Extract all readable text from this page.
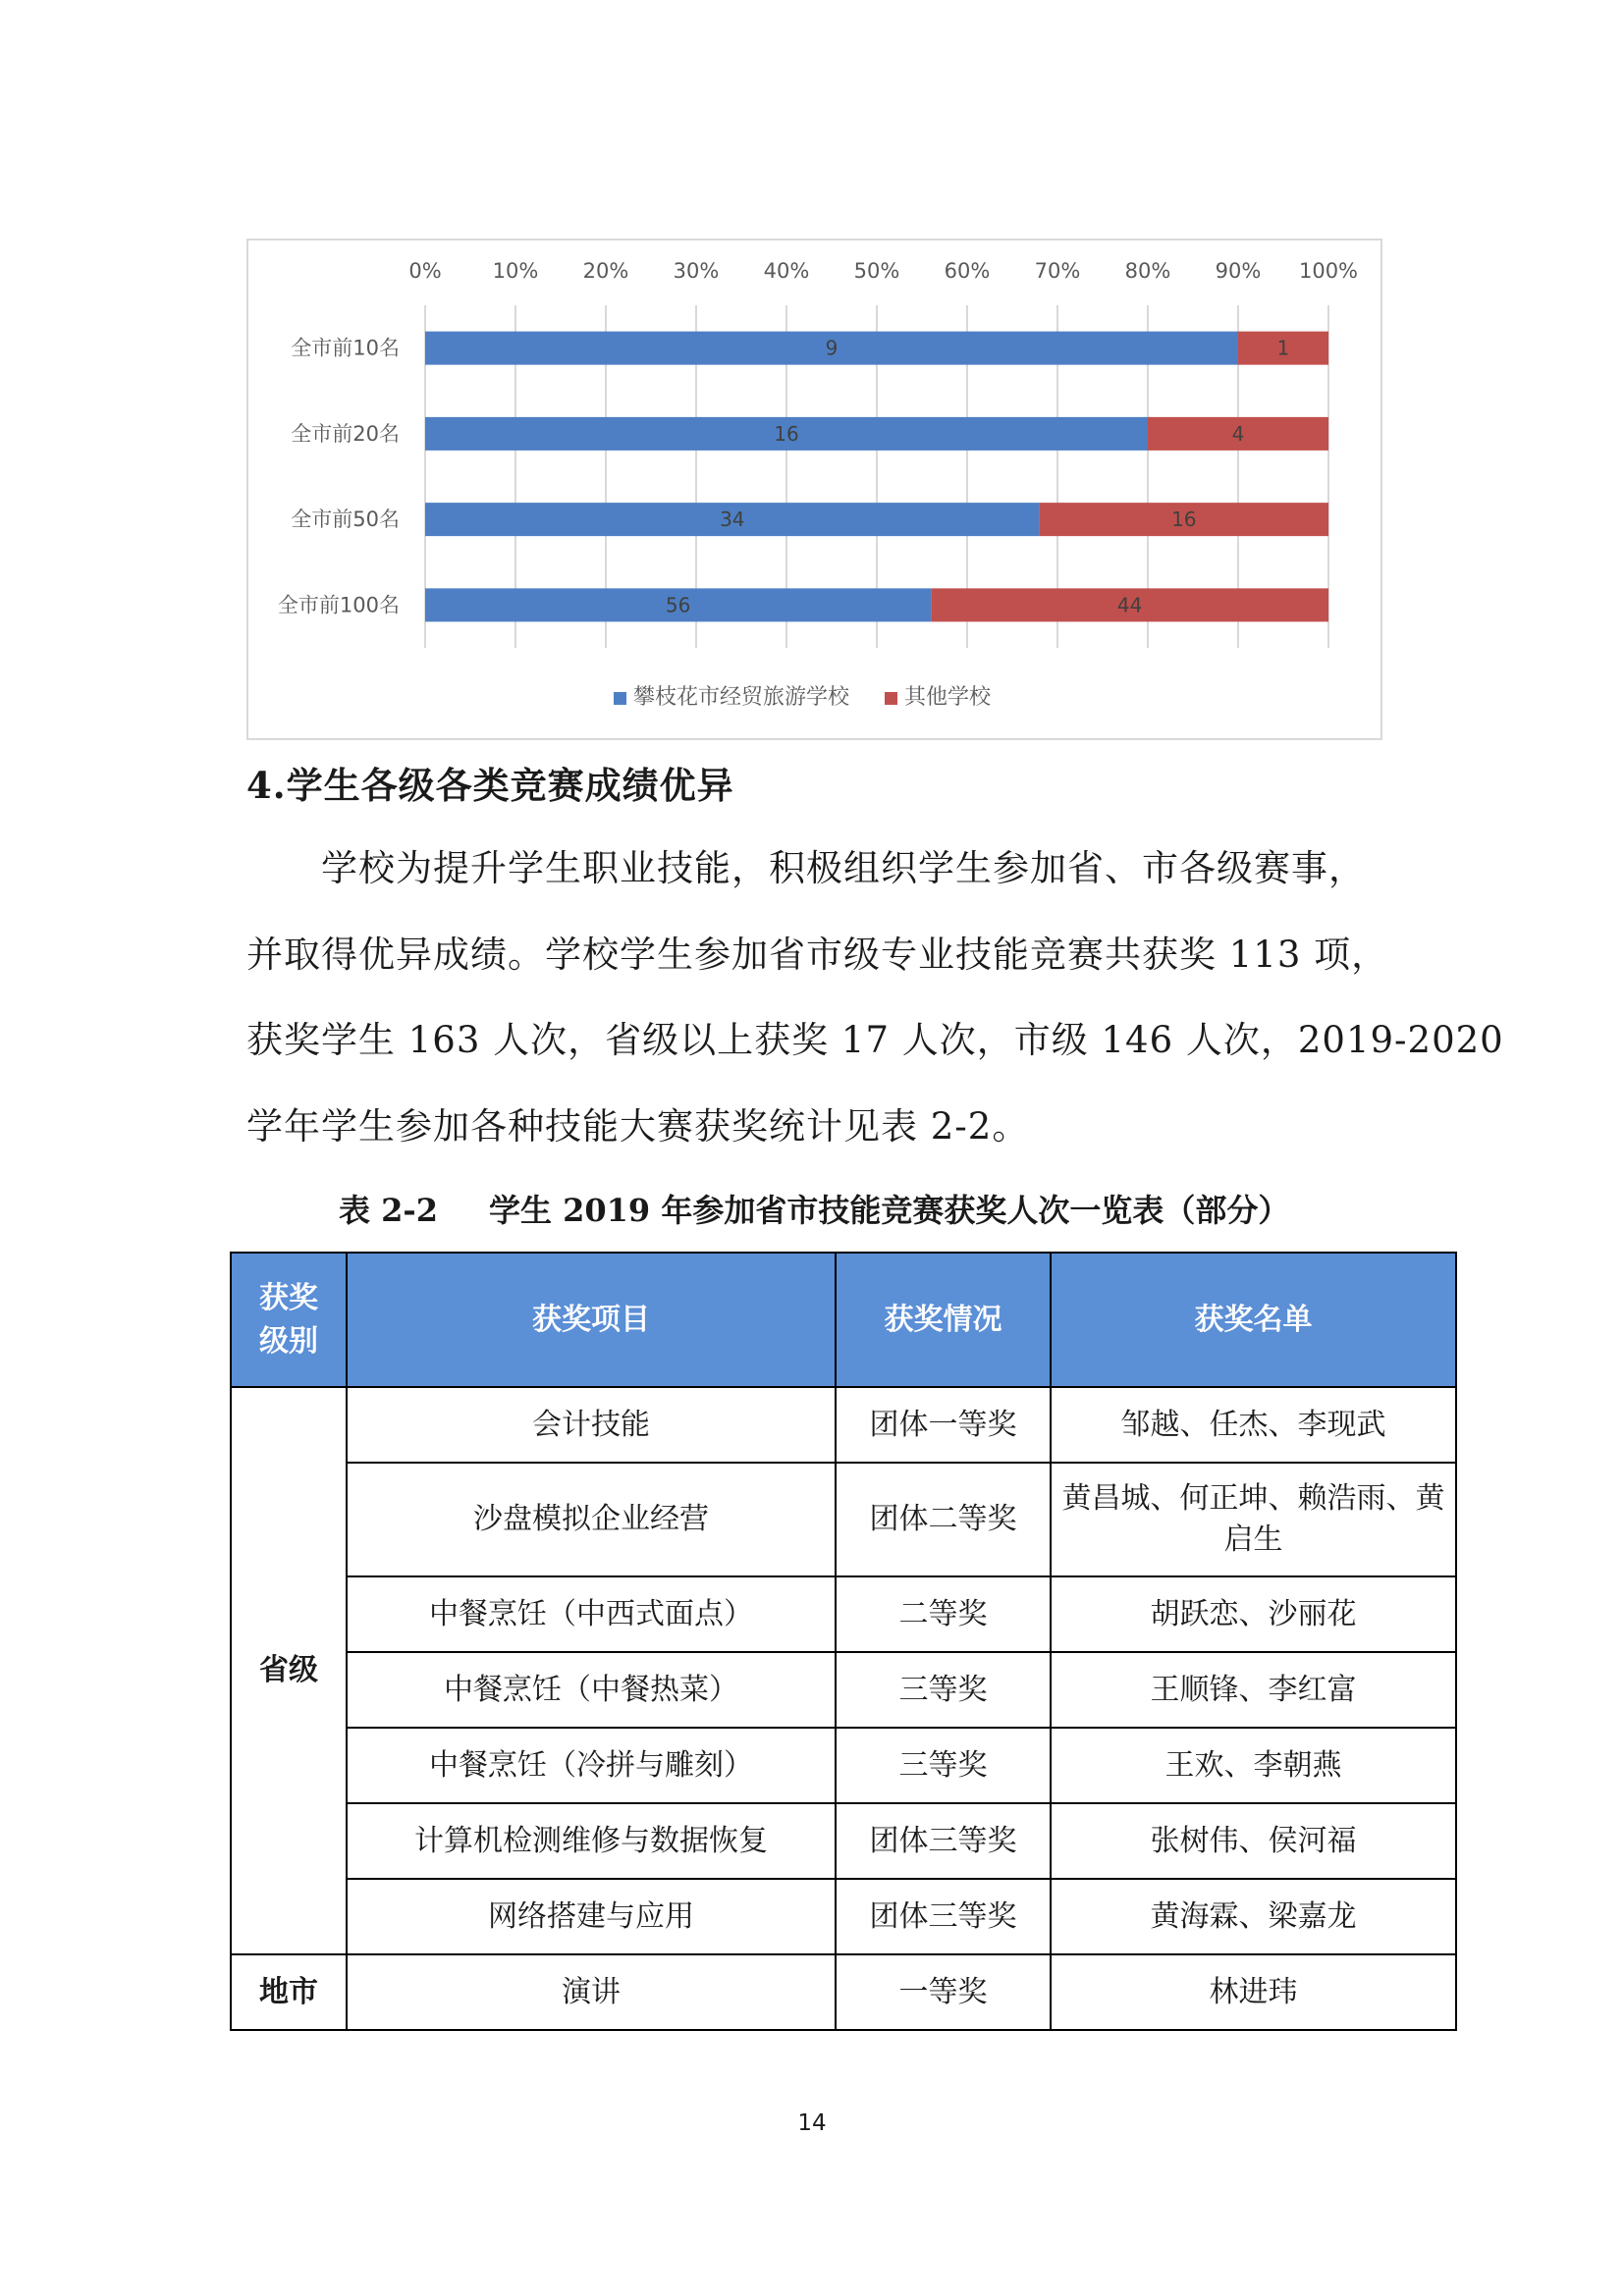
0% 10% 20% 30% 40% 50% 60% 70% 80% 90% 100%
全市前10名	9	1
全市前20名	16	4
全市前50名	34	16
全市前100名	56	44
攀枝花市经贸旅游学校	其他学校
4.学生各级各类竞赛成绩优异

学校为提升学生职业技能，积极组织学生参加省、市各级赛事，

并取得优异成绩。学校学生参加省市级专业技能竞赛共获奖 113 项，

获奖学生 163 人次，省级以上获奖 17 人次，市级 146 人次，2019-2020

学年学生参加各种技能大赛获奖统计见表 2-2。

表 2-2 学生 2019 年参加省市技能竞赛获奖人次一览表（部分）

获奖
级别	获奖项目	获奖情况	获奖名单
省级	会计技能	团体一等奖	邹越、任杰、李现武
	沙盘模拟企业经营	团体二等奖	黄昌城、何正坤、赖浩雨、黄启生
	中餐烹饪（中西式面点）	二等奖	胡跃恋、沙丽花
	中餐烹饪（中餐热菜）	三等奖	王顺锋、李红富
	中餐烹饪（冷拼与雕刻）	三等奖	王欢、李朝燕
	计算机检测维修与数据恢复	团体三等奖	张树伟、侯河福
	网络搭建与应用	团体三等奖	黄海霖、梁嘉龙
地市	演讲	一等奖	林进玮

14
